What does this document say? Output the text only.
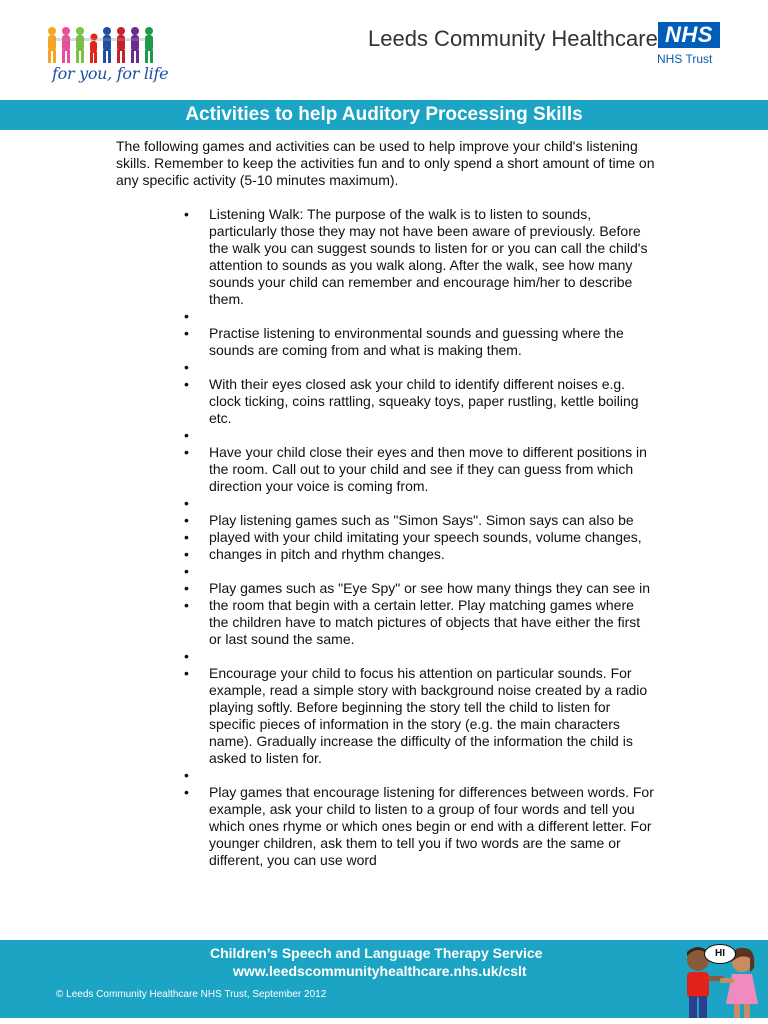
for you, for life
Leeds Community Healthcare NHS
NHS Trust
Activities to help Auditory Processing Skills

The following games and activities can be used to help improve your child's listening skills. Remember to keep the activities fun and to only spend a short amount of time on any specific activity (5-10 minutes maximum).

• Listening Walk: The purpose of the walk is to listen to sounds, particularly those they may not have been aware of previously. Before the walk you can suggest sounds to listen for or you can call the child's attention to sounds as you walk along. After the walk, see how many sounds your child can remember and encourage him/her to describe them.
•
• Practise listening to environmental sounds and guessing where the sounds are coming from and what is making them.
•
• With their eyes closed ask your child to identify different noises e.g. clock ticking, coins rattling, squeaky toys, paper rustling, kettle boiling etc.
•
• Have your child close their eyes and then move to different positions in the room. Call out to your child and see if they can guess from which direction your voice is coming from.
•
• Play listening games such as "Simon Says". Simon says can also be
• played with your child imitating your speech sounds, volume changes,
• changes in pitch and rhythm changes.
•
• Play games such as "Eye Spy" or see how many things they can see in
• the room that begin with a certain letter. Play matching games where the children have to match pictures of objects that have either the first or last sound the same.
•
• Encourage your child to focus his attention on particular sounds. For example, read a simple story with background noise created by a radio playing softly. Before beginning the story tell the child to listen for specific pieces of information in the story (e.g. the main characters name). Gradually increase the difficulty of the information the child is asked to listen for.
•
• Play games that encourage listening for differences between words. For example, ask your child to listen to a group of four words and tell you which ones rhyme or which ones begin or end with a different letter. For younger children, ask them to tell you if two words are the same or different, you can use word
Children’s Speech and Language Therapy Service
www.leedscommunityhealthcare.nhs.uk/cslt
© Leeds Community Healthcare NHS Trust, September 2012
HI
